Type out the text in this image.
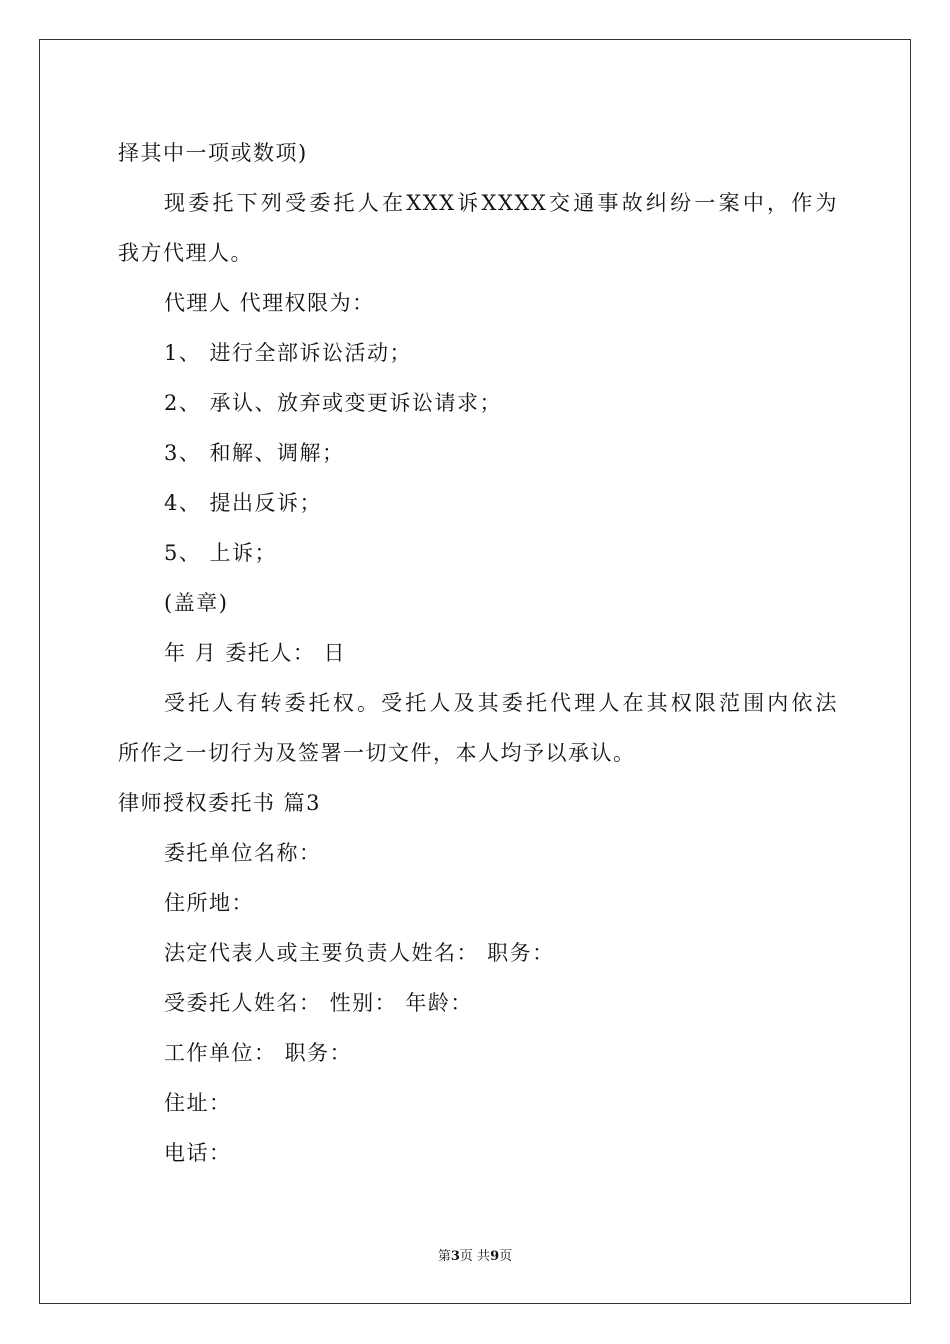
择其中一项或数项)
现委托下列受委托人在XXX诉XXXX交通事故纠纷一案中，作为
我方代理人。
代理人 代理权限为：
1、 进行全部诉讼活动；
2、 承认、放弃或变更诉讼请求；
3、 和解、调解；
4、 提出反诉；
5、 上诉；
(盖章)
年 月 委托人： 日
受托人有转委托权。受托人及其委托代理人在其权限范围内依法
所作之一切行为及签署一切文件，本人均予以承认。
律师授权委托书 篇3
委托单位名称：
住所地：
法定代表人或主要负责人姓名： 职务：
受委托人姓名： 性别： 年龄：
工作单位： 职务：
住址：
电话：
第3页 共9页
